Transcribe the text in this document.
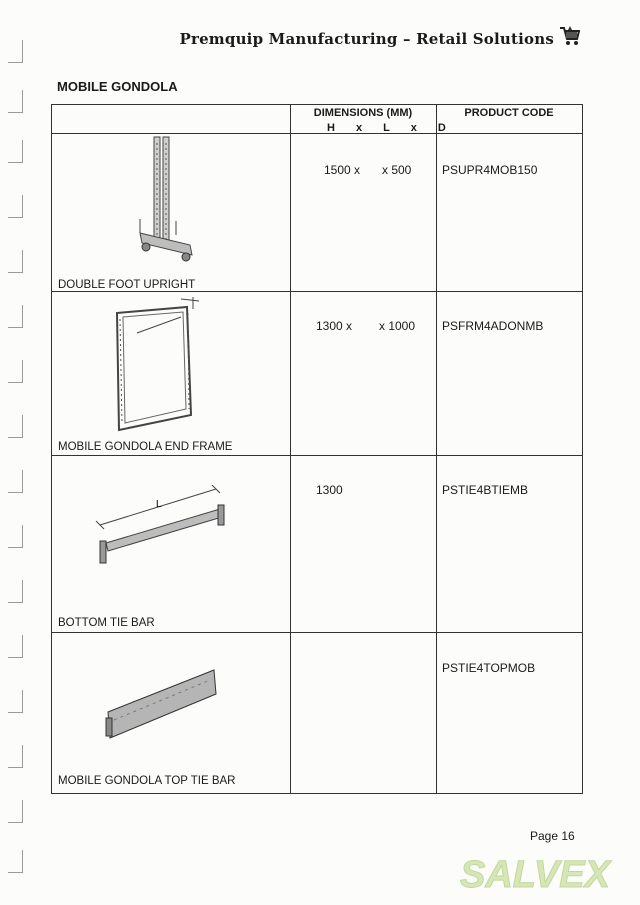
Premquip Manufacturing – Retail Solutions
MOBILE GONDOLA
DIMENSIONS (MM)
H x L x D
PRODUCT CODE
DOUBLE FOOT UPRIGHT
1500 x x 500	PSUPR4MOB150
MOBILE GONDOLA END FRAME
1300 x x 1000 PSFRM4ADONMB
L
BOTTOM TIE BAR
1300	PSTIE4BTIEMB
MOBILE GONDOLA TOP TIE BAR
PSTIE4TOPMOB
Page 16
SALVEX
